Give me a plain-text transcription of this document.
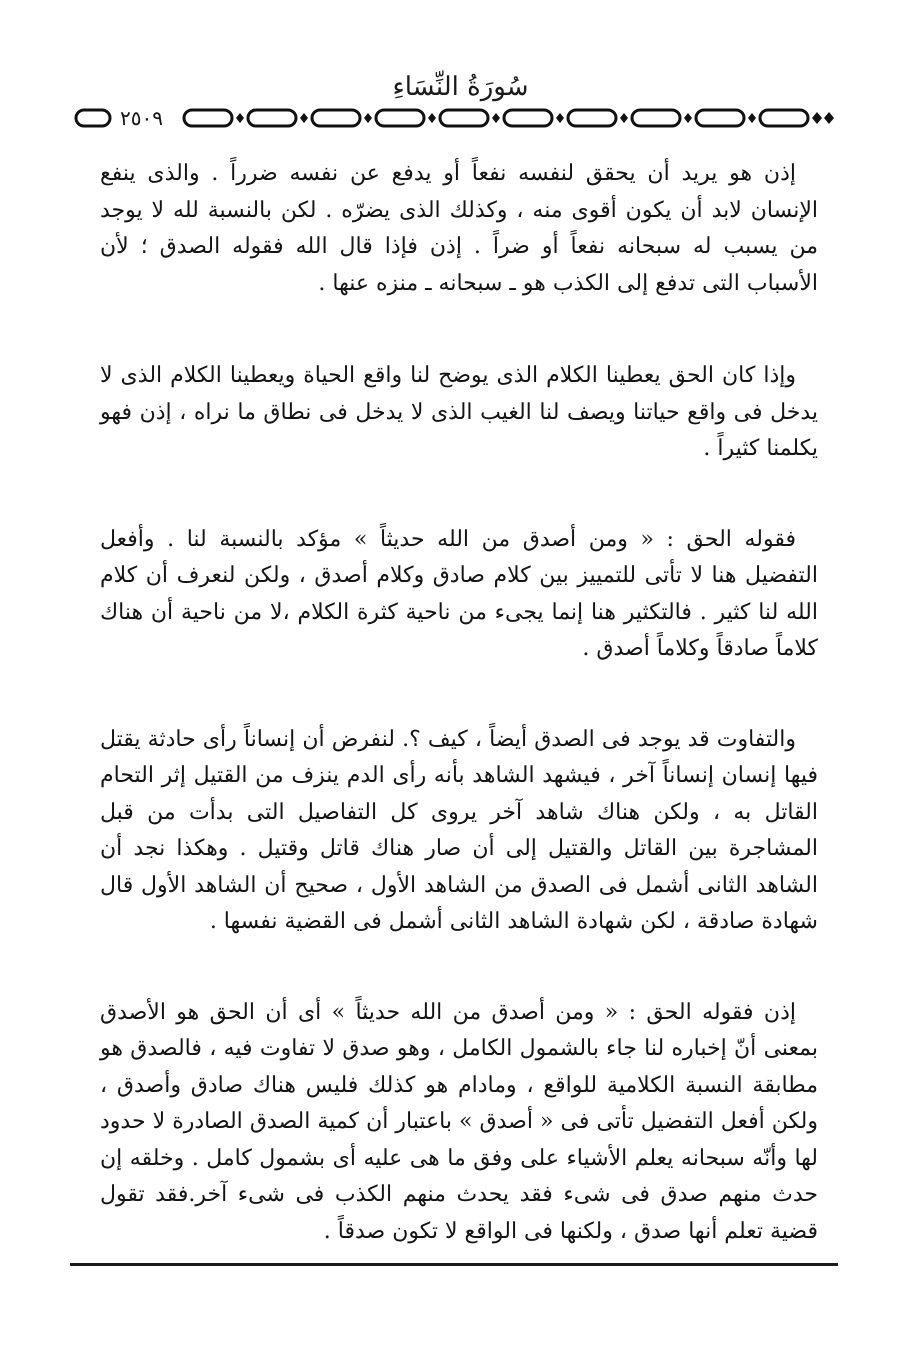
سُورَةُ النِّسَاءِ
٢٥٠٩

إذن هو يريد أن يحقق لنفسه نفعاً أو يدفع عن نفسه ضرراً . والذى ينفع الإنسان لابد أن يكون أقوى منه ، وكذلك الذى يضرّه . لكن بالنسبة لله لا يوجد من يسبب له سبحانه نفعاً أو ضراً . إذن فإذا قال الله فقوله الصدق ؛ لأن الأسباب التى تدفع إلى الكذب هو ـ سبحانه ـ منزه عنها .

وإذا كان الحق يعطينا الكلام الذى يوضح لنا واقع الحياة ويعطينا الكلام الذى لا يدخل فى واقع حياتنا ويصف لنا الغيب الذى لا يدخل فى نطاق ما نراه ، إذن فهو يكلمنا كثيراً .

فقوله الحق : « ومن أصدق من الله حديثاً » مؤكد بالنسبة لنا . وأفعل التفضيل هنا لا تأتى للتمييز بين كلام صادق وكلام أصدق ، ولكن لنعرف أن كلام الله لنا كثير . فالتكثير هنا إنما يجىء من ناحية كثرة الكلام ،لا من ناحية أن هناك كلاماً صادقاً وكلاماً أصدق .

والتفاوت قد يوجد فى الصدق أيضاً ، كيف ؟. لنفرض أن إنساناً رأى حادثة يقتل فيها إنسان إنساناً آخر ، فيشهد الشاهد بأنه رأى الدم ينزف من القتيل إثر التحام القاتل به ، ولكن هناك شاهد آخر يروى كل التفاصيل التى بدأت من قبل المشاجرة بين القاتل والقتيل إلى أن صار هناك قاتل وقتيل . وهكذا نجد أن الشاهد الثانى أشمل فى الصدق من الشاهد الأول ، صحيح أن الشاهد الأول قال شهادة صادقة ، لكن شهادة الشاهد الثانى أشمل فى القضية نفسها .

إذن فقوله الحق : « ومن أصدق من الله حديثاً » أى أن الحق هو الأصدق بمعنى أنّ إخباره لنا جاء بالشمول الكامل ، وهو صدق لا تفاوت فيه ، فالصدق هو مطابقة النسبة الكلامية للواقع ، ومادام هو كذلك فليس هناك صادق وأصدق ، ولكن أفعل التفضيل تأتى فى « أصدق » باعتبار أن كمية الصدق الصادرة لا حدود لها وأنّه سبحانه يعلم الأشياء على وفق ما هى عليه أى بشمول كامل . وخلقه إن حدث منهم صدق فى شىء فقد يحدث منهم الكذب فى شىء آخر.فقد تقول قضية تعلم أنها صدق ، ولكنها فى الواقع لا تكون صدقاً .
